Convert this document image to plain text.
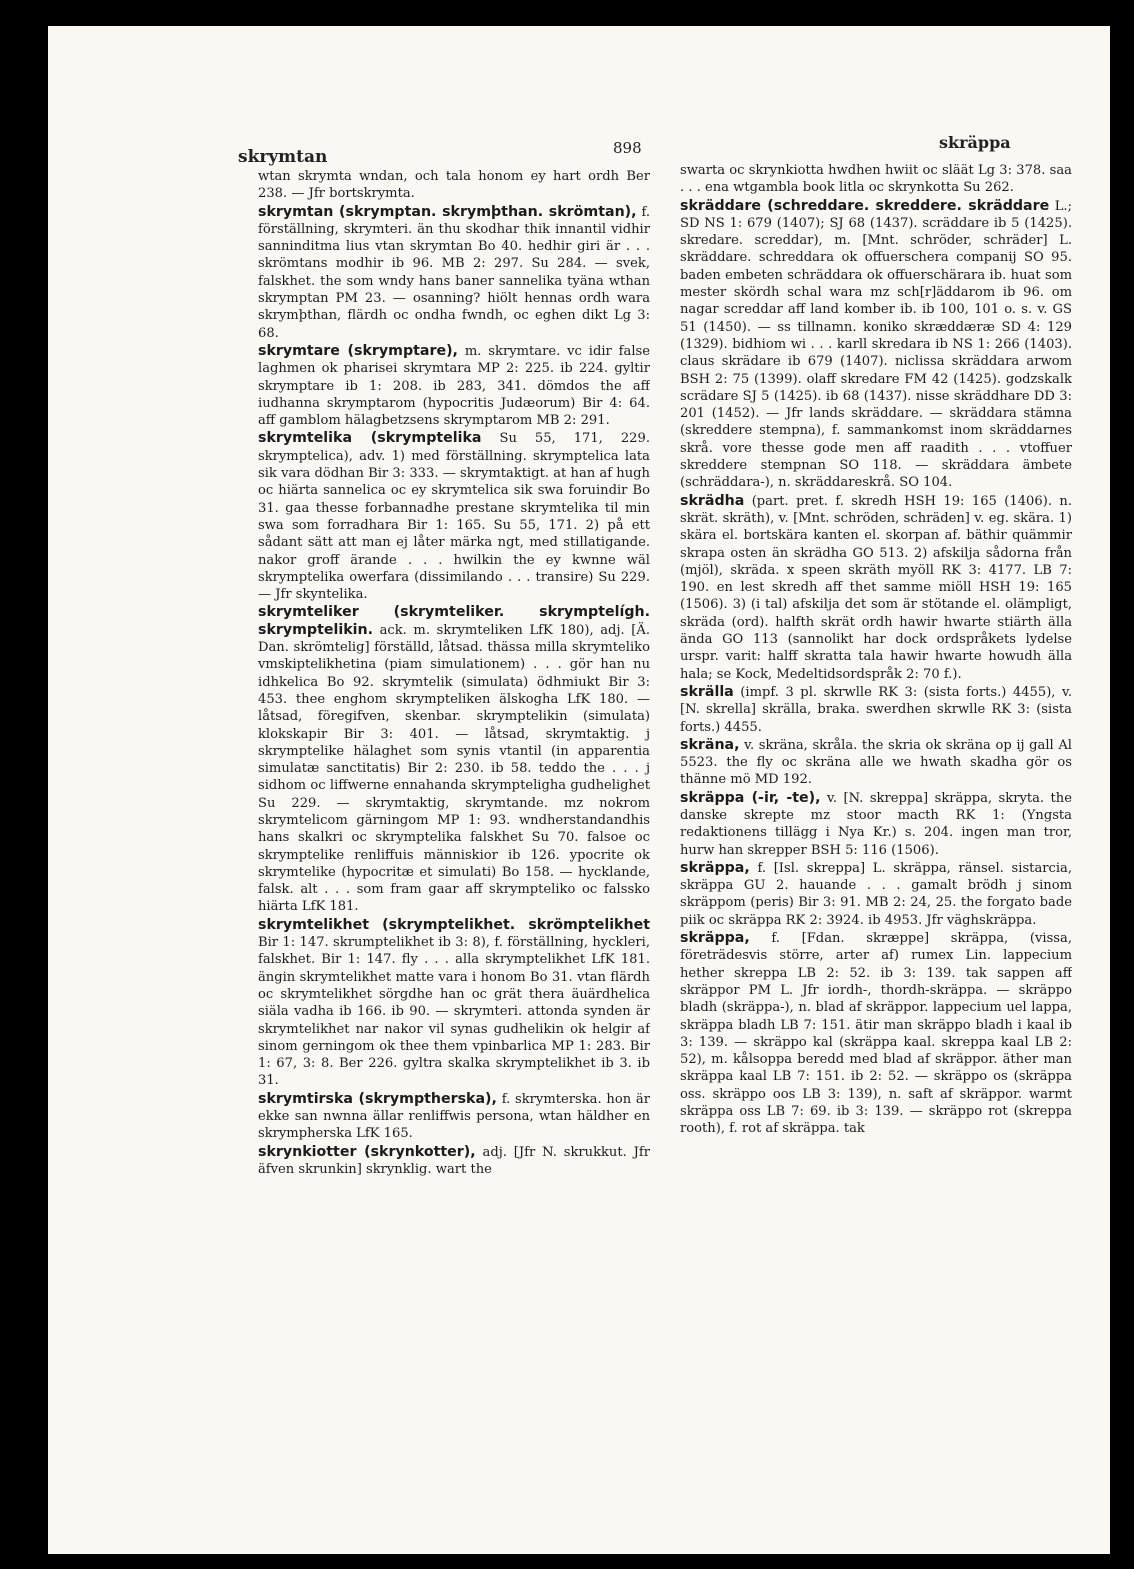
skrymtan	898	skräppa

wtan skrymta wndan, och tala honom ey hart ordh Ber 238. — Jfr bortskrymta.

skrymtan (skrymptan. skrymþthan. skrömtan), f. förställning, skrymteri. än thu skodhar thik innantil vidhir sanninditma lius vtan skrymtan Bo 40. hedhir giri är . . . skrömtans modhir ib 96. MB 2: 297. Su 284. — svek, falskhet. the som wndy hans baner sannelika tyäna wthan skrymptan PM 23. — osanning? hiölt hennas ordh wara skrymþthan, flärdh oc ondha fwndh, oc eghen dikt Lg 3: 68.

skrymtare (skrymptare), m. skrymtare. vc idir false laghmen ok pharisei skrymtara MP 2: 225. ib 224. gyltir skrymptare ib 1: 208. ib 283, 341. dömdos the aff iudhanna skrymptarom (hypocritis Judæorum) Bir 4: 64. aff gamblom hälagbetzsens skrymptarom MB 2: 291.

skrymtelika (skrymptelika Su 55, 171, 229. skrymptelica), adv. 1) med förställning. skrymptelica lata sik vara dödhan Bir 3: 333. — skrymtaktigt. at han af hugh oc hiärta sannelica oc ey skrymtelica sik swa foruindir Bo 31. gaa thesse forbannadhe prestane skrymtelika til min swa som forradhara Bir 1: 165. Su 55, 171. 2) på ett sådant sätt att man ej låter märka ngt, med stillatigande. nakor groff ärande . . . hwilkin the ey kwnne wäl skrymptelika owerfara (dissimilando . . . transire) Su 229. — Jfr skyntelika.

skrymteliker (skrymteliker. skrymptelígh. skrymptelikin. ack. m. skrymteliken LfK 180), adj. [Ä. Dan. skrömtelig] förställd, låtsad. thässa milla skrymteliko vmskiptelikhetina (piam simulationem) . . . gör han nu idhkelica Bo 92. skrymtelik (simulata) ödhmiukt Bir 3: 453. thee enghom skrympteliken älskogha LfK 180. — låtsad, föregifven, skenbar. skrymptelikin (simulata) klokskapir Bir 3: 401. — låtsad, skrymtaktig. j skrymptelike hälaghet som synis vtantil (in apparentia simulatæ sanctitatis) Bir 2: 230. ib 58. teddo the . . . j sidhom oc liffwerne ennahanda skrympteligha gudhelighet Su 229. — skrymtaktig, skrymtande. mz nokrom skrymtelicom gärningom MP 1: 93. wndherstandandhis hans skalkri oc skrymptelika falskhet Su 70. falsoe oc skrymptelike renliffuis människior ib 126. ypocrite ok skrymtelike (hypocritæ et simulati) Bo 158. — hycklande, falsk. alt . . . som fram gaar aff skrympteliko oc falssko hiärta LfK 181.

skrymtelikhet (skrymptelikhet. skrömptelikhet Bir 1: 147. skrumptelikhet ib 3: 8), f. förställning, hyckleri, falskhet. Bir 1: 147. fly . . . alla skrymptelikhet LfK 181. ängin skrymtelikhet matte vara i honom Bo 31. vtan flärdh oc skrymtelikhet sörgdhe han oc grät thera äuärdhelica siäla vadha ib 166. ib 90. — skrymteri. attonda synden är skrymtelikhet nar nakor vil synas gudhelikin ok helgir af sinom gerningom ok thee them vpinbarlica MP 1: 283. Bir 1: 67, 3: 8. Ber 226. gyltra skalka skrymptelikhet ib 3. ib 31.

skrymtirska (skrymptherska), f. skrymterska. hon är ekke san nwnna ällar renliffwis persona, wtan häldher en skrympherska LfK 165.

skrynkiotter (skrynkotter), adj. [Jfr N. skrukkut. Jfr äfven skrunkin] skrynklig. wart the

swarta oc skrynkiotta hwdhen hwiit oc släät Lg 3: 378. saa . . . ena wtgambla book litla oc skrynkotta Su 262.

skräddare (schreddare. skreddere. skräddare L.; SD NS 1: 679 (1407); SJ 68 (1437). scräddare ib 5 (1425). skredare. screddar), m. [Mnt. schröder, schräder] L. skräddare. schreddara ok offuerschera companij SO 95. baden embeten schräddara ok offuerschärara ib. huat som mester skördh schal wara mz sch[r]äddarom ib 96. om nagar screddar aff land komber ib. ib 100, 101 o. s. v. GS 51 (1450). — ss tillnamn. koniko skræddæræ SD 4: 129 (1329). bidhiom wi . . . karll skredara ib NS 1: 266 (1403). claus skrädare ib 679 (1407). niclissa skräddara arwom BSH 2: 75 (1399). olaff skredare FM 42 (1425). godzskalk scrädare SJ 5 (1425). ib 68 (1437). nisse skräddhare DD 3: 201 (1452). — Jfr lands skräddare. — skräddara stämna (skreddere stempna), f. sammankomst inom skräddarnes skrå. vore thesse gode men aff raadith . . . vtoffuer skreddere stempnan SO 118. — skräddara ämbete (schräddara-), n. skräddareskrå. SO 104.

skrädha (part. pret. f. skredh HSH 19: 165 (1406). n. skrät. skräth), v. [Mnt. schröden, schräden] v. eg. skära. 1) skära el. bortskära kanten el. skorpan af. bäthir quämmir skrapa osten än skrädha GO 513. 2) afskilja sådorna från (mjöl), skräda. x speen skräth myöll RK 3: 4177. LB 7: 190. en lest skredh aff thet samme miöll HSH 19: 165 (1506). 3) (i tal) afskilja det som är stötande el. olämpligt, skräda (ord). halfth skrät ordh hawir hwarte stiärth älla ända GO 113 (sannolikt har dock ordspråkets lydelse urspr. varit: halff skratta tala hawir hwarte howudh älla hala; se Kock, Medeltidsordspråk 2: 70 f.).

skrälla (impf. 3 pl. skrwlle RK 3: (sista forts.) 4455), v. [N. skrella] skrälla, braka. swerdhen skrwlle RK 3: (sista forts.) 4455.

skräna, v. skräna, skråla. the skria ok skräna op ij gall Al 5523. the fly oc skräna alle we hwath skadha gör os thänne mö MD 192.

skräppa (-ir, -te), v. [N. skreppa] skräppa, skryta. the danske skrepte mz stoor macth RK 1: (Yngsta redaktionens tillägg i Nya Kr.) s. 204. ingen man tror, hurw han skrepper BSH 5: 116 (1506).

skräppa, f. [Isl. skreppa] L. skräppa, ränsel. sistarcia, skräppa GU 2. hauande . . . gamalt brödh j sinom skräppom (peris) Bir 3: 91. MB 2: 24, 25. the forgato bade piik oc skräppa RK 2: 3924. ib 4953. Jfr väghskräppa.

skräppa, f. [Fdan. skræppe] skräppa, (vissa, företrädesvis större, arter af) rumex Lin. lappecium hether skreppa LB 2: 52. ib 3: 139. tak sappen aff skräppor PM L. Jfr iordh-, thordh-skräppa. — skräppo bladh (skräppa-), n. blad af skräppor. lappecium uel lappa, skräppa bladh LB 7: 151. ätir man skräppo bladh i kaal ib 3: 139. — skräppo kal (skräppa kaal. skreppa kaal LB 2: 52), m. kålsoppa beredd med blad af skräppor. äther man skräppa kaal LB 7: 151. ib 2: 52. — skräppo os (skräppa oss. skräppo oos LB 3: 139), n. saft af skräppor. warmt skräppa oss LB 7: 69. ib 3: 139. — skräppo rot (skreppa rooth), f. rot af skräppa. tak
